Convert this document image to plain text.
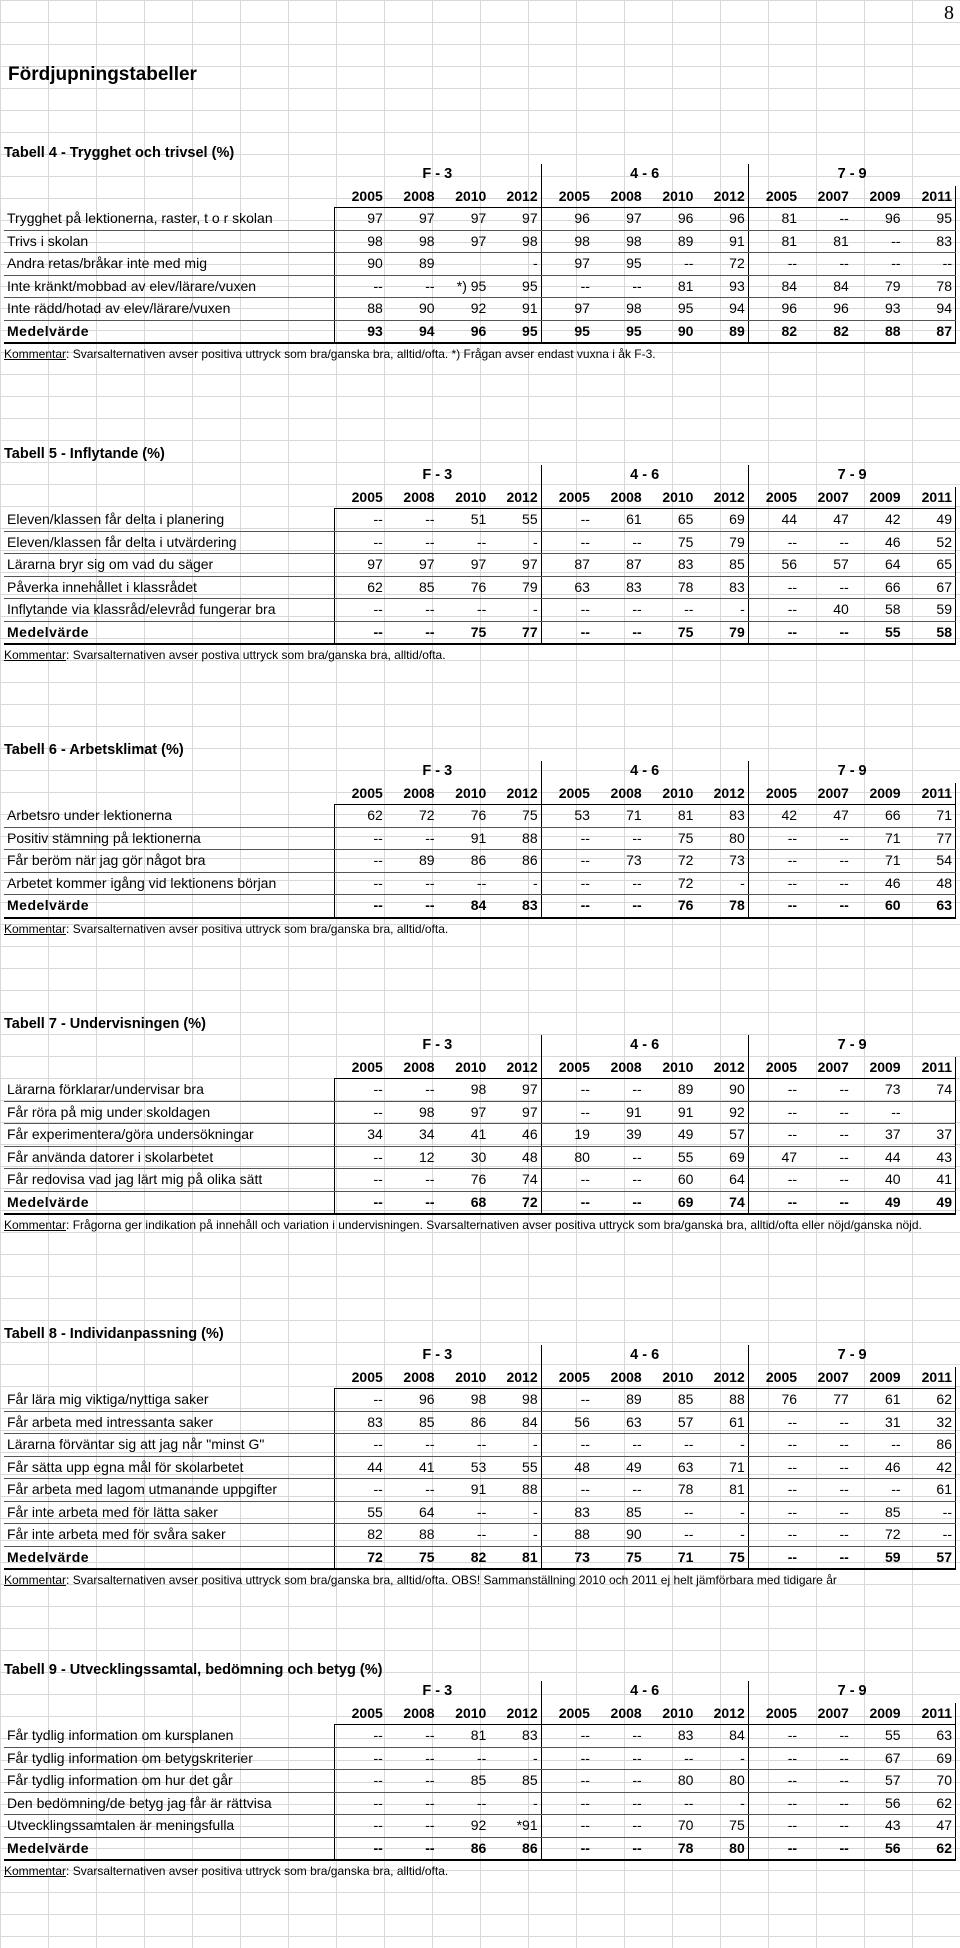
8
Fördjupningstabeller
Tabell 4 - Trygghet och trivsel (%)
	F - 3				4 - 6				7 - 9			
	2005	2008	2010	2012	2005	2008	2010	2012	2005	2007	2009	2011
Trygghet på lektionerna, raster, t o r skolan	97	97	97	97	96	97	96	96	81	--	96	95
Trivs i skolan	98	98	97	98	98	98	89	91	81	81	--	83
Andra retas/bråkar inte med mig	90	89		-	97	95	--	72	--	--	--	--
Inte kränkt/mobbad av elev/lärare/vuxen	--	--	*) 95	95	--	--	81	93	84	84	79	78
Inte rädd/hotad av elev/lärare/vuxen	88	90	92	91	97	98	95	94	96	96	93	94
Medelvärde	93	94	96	95	95	95	90	89	82	82	88	87
Kommentar: Svarsalternativen avser positiva uttryck som bra/ganska bra, alltid/ofta. *) Frågan avser endast vuxna i åk F-3.
Tabell 5 - Inflytande (%)
	F - 3				4 - 6				7 - 9			
	2005	2008	2010	2012	2005	2008	2010	2012	2005	2007	2009	2011
Eleven/klassen får delta i planering	--	--	51	55	--	61	65	69	44	47	42	49
Eleven/klassen får delta i utvärdering	--	--	--	-	--	--	75	79	--	--	46	52
Lärarna bryr sig om vad du säger	97	97	97	97	87	87	83	85	56	57	64	65
Påverka innehållet i klassrådet	62	85	76	79	63	83	78	83	--	--	66	67
Inflytande via klassråd/elevråd fungerar bra	--	--	--	-	--	--	--	-	--	40	58	59
Medelvärde	--	--	75	77	--	--	75	79	--	--	55	58
Kommentar: Svarsalternativen avser postiva uttryck som bra/ganska bra, alltid/ofta.
Tabell 6 - Arbetsklimat (%)
	F - 3				4 - 6				7 - 9			
	2005	2008	2010	2012	2005	2008	2010	2012	2005	2007	2009	2011
Arbetsro under lektionerna	62	72	76	75	53	71	81	83	42	47	66	71
Positiv stämning på lektionerna	--	--	91	88	--	--	75	80	--	--	71	77
Får beröm när jag gör något bra	--	89	86	86	--	73	72	73	--	--	71	54
Arbetet kommer igång vid lektionens början	--	--	--	-	--	--	72	-	--	--	46	48
Medelvärde	--	--	84	83	--	--	76	78	--	--	60	63
Kommentar: Svarsalternativen avser positiva uttryck som bra/ganska bra, alltid/ofta.
Tabell 7 - Undervisningen (%)
	F - 3				4 - 6				7 - 9			
	2005	2008	2010	2012	2005	2008	2010	2012	2005	2007	2009	2011
Lärarna förklarar/undervisar bra	--	--	98	97	--	--	89	90	--	--	73	74
Får röra på mig under skoldagen	--	98	97	97	--	91	91	92	--	--	--	
Får experimentera/göra undersökningar	34	34	41	46	19	39	49	57	--	--	37	37
Får använda datorer i skolarbetet	--	12	30	48	80	--	55	69	47	--	44	43
Får redovisa vad jag lärt mig på olika sätt	--	--	76	74	--	--	60	64	--	--	40	41
Medelvärde	--	--	68	72	--	--	69	74	--	--	49	49
Kommentar: Frågorna ger indikation på innehåll och variation i undervisningen. Svarsalternativen avser positiva uttryck som bra/ganska bra, alltid/ofta eller nöjd/ganska nöjd.
Tabell 8 - Individanpassning (%)
	F - 3				4 - 6				7 - 9			
	2005	2008	2010	2012	2005	2008	2010	2012	2005	2007	2009	2011
Får lära mig viktiga/nyttiga saker	--	96	98	98	--	89	85	88	76	77	61	62
Får arbeta med intressanta saker	83	85	86	84	56	63	57	61	--	--	31	32
Lärarna förväntar sig att jag når "minst G"	--	--	--	-	--	--	--	-	--	--	--	86
Får sätta upp egna mål för skolarbetet	44	41	53	55	48	49	63	71	--	--	46	42
Får arbeta med lagom utmanande uppgifter	--	--	91	88	--	--	78	81	--	--	--	61
Får inte arbeta med för lätta saker	55	64	--	-	83	85	--	-	--	--	85	--
Får inte arbeta med för svåra saker	82	88	--	-	88	90	--	-	--	--	72	--
Medelvärde	72	75	82	81	73	75	71	75	--	--	59	57
Kommentar: Svarsalternativen avser positiva uttryck som bra/ganska bra, alltid/ofta. OBS! Sammanställning 2010 och 2011 ej helt jämförbara med tidigare år
Tabell 9 - Utvecklingssamtal, bedömning och betyg (%)
	F - 3				4 - 6				7 - 9			
	2005	2008	2010	2012	2005	2008	2010	2012	2005	2007	2009	2011
Får tydlig information om kursplanen	--	--	81	83	--	--	83	84	--	--	55	63
Får tydlig information om betygskriterier	--	--	--	-	--	--	--	-	--	--	67	69
Får tydlig information om hur det går	--	--	85	85	--	--	80	80	--	--	57	70
Den bedömning/de betyg jag får är rättvisa	--	--	--	-	--	--	--	-	--	--	56	62
Utvecklingssamtalen är meningsfulla	--	--	92	*91	--	--	70	75	--	--	43	47
Medelvärde	--	--	86	86	--	--	78	80	--	--	56	62
Kommentar: Svarsalternativen avser positiva uttryck som bra/ganska bra, alltid/ofta.
